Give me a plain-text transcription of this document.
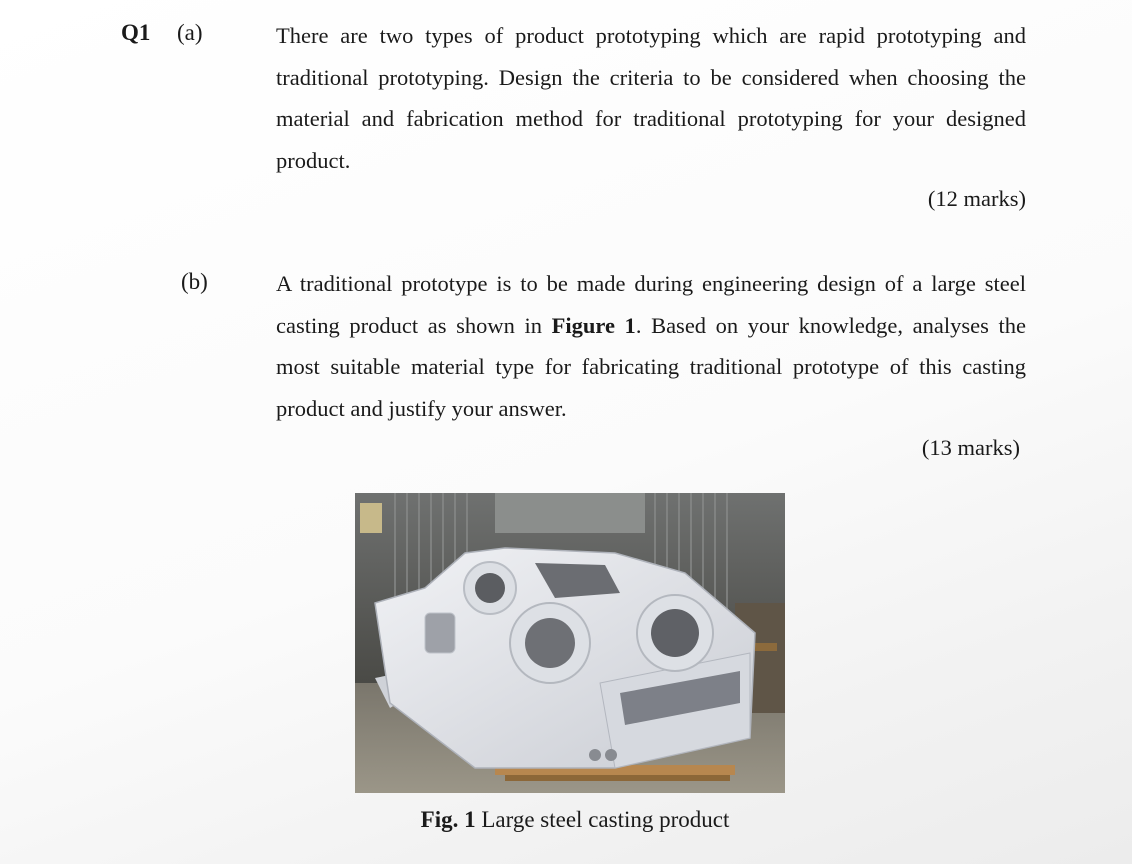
Q1 (a)	There are two types of product prototyping which are rapid prototyping and traditional prototyping. Design the criteria to be considered when choosing the material and fabrication method for traditional prototyping for your designed product.
(12 marks)
(b)	A traditional prototype is to be made during engineering design of a large steel casting product as shown in Figure 1. Based on your knowledge, analyses the most suitable material type for fabricating traditional prototype of this casting product and justify your answer.
(13 marks)
Fig. 1 Large steel casting product
